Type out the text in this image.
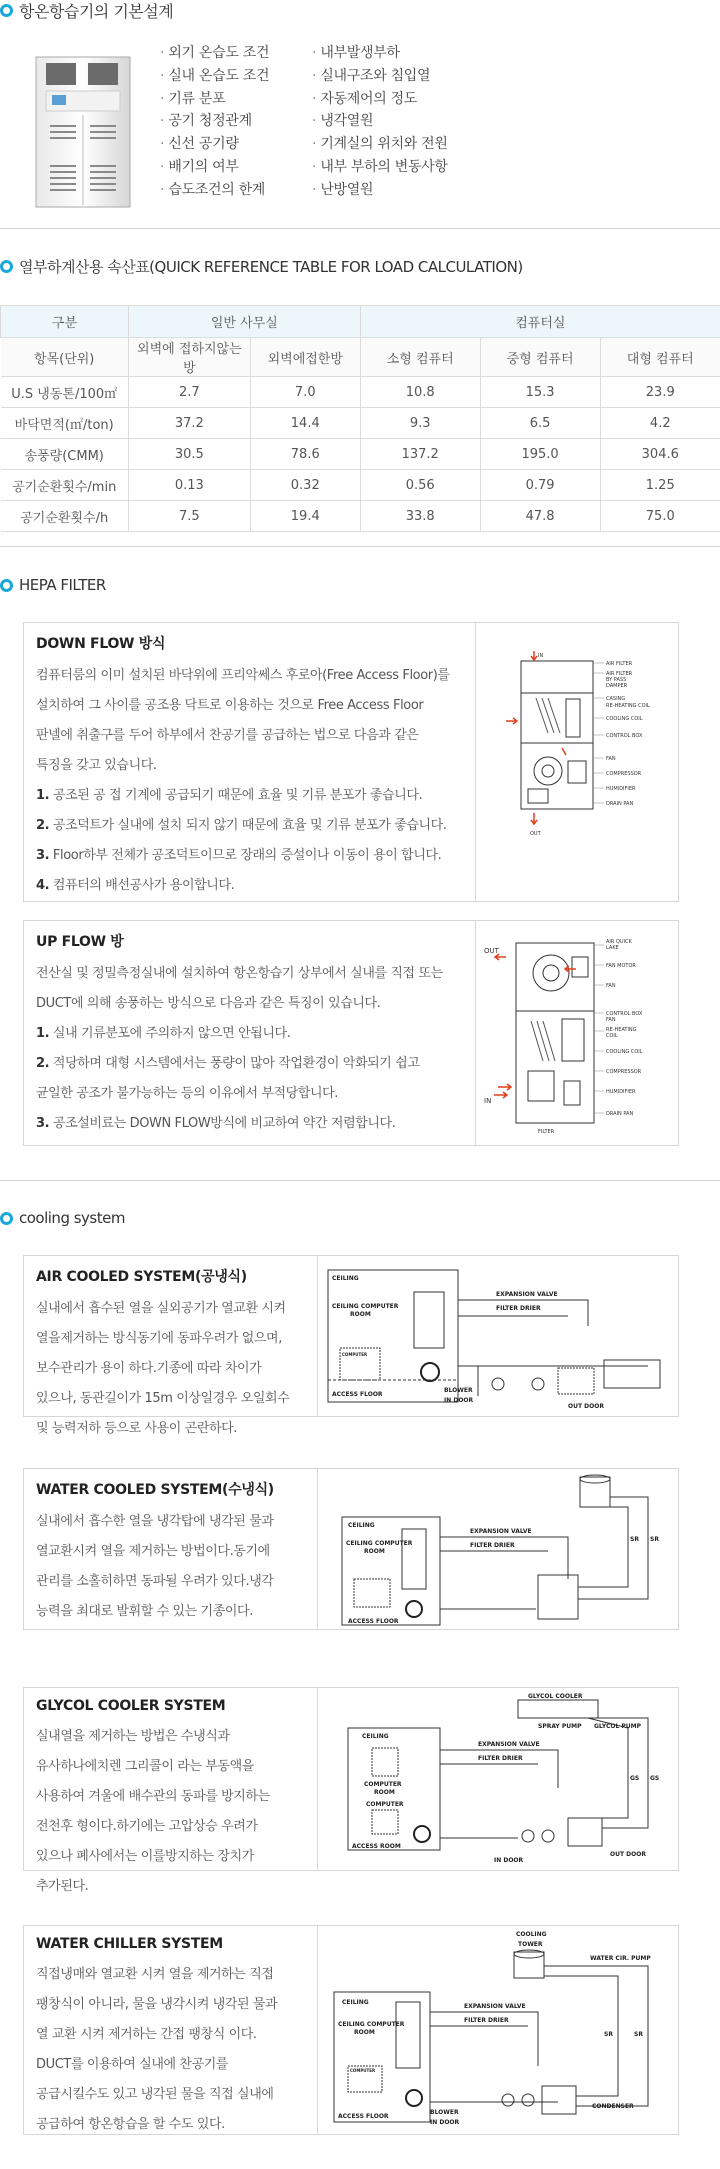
항온항습기의 기본설계
· 외기 온습도 조건
· 실내 온습도 조건
· 기류 분포
· 공기 청정관계
· 신선 공기량
· 배기의 여부
· 습도조건의 한계
· 내부발생부하
· 실내구조와 침입열
· 자동제어의 정도
· 냉각열원
· 기계실의 위치와 전원
· 내부 부하의 변동사항
· 난방열원
열부하계산용 속산표(QUICK REFERENCE TABLE FOR LOAD CALCULATION)
구분	일반 사무실		컴퓨터실		
항목(단위)	외벽에 접하지않는 방	외벽에접한방	소형 컴퓨터	중형 컴퓨터	대형 컴퓨터
U.S 냉동톤/100㎡	2.7	7.0	10.8	15.3	23.9
바닥면적(㎡/ton)	37.2	14.4	9.3	6.5	4.2
송풍량(CMM)	30.5	78.6	137.2	195.0	304.6
공기순환횟수/min	0.13	0.32	0.56	0.79	1.25
공기순환횟수/h	7.5	19.4	33.8	47.8	75.0
HEPA FILTER
DOWN FLOW 방식

컴퓨터룸의 이미 설치된 바닥위에 프리악쎄스 후로아(Free Access Floor)를

설치하여 그 사이를 공조용 닥트로 이용하는 것으로 Free Access Floor

판넬에 취출구를 두어 하부에서 찬공기를 공급하는 법으로 다음과 같은

특징을 갖고 있습니다.

1. 공조된 공 접 기계에 공급되기 때문에 효율 및 기류 분포가 좋습니다.

2. 공조덕트가 실내에 설치 되지 않기 때문에 효율 및 기류 분포가 좋습니다.

3. Floor하부 전체가 공조덕트이므로 장래의 증설이나 이동이 용이 합니다.

4. 컴퓨터의 배선공사가 용이합니다.

IN
OUT
AIR FILTER
AIR FILTER
BY PASS
DAMPER
CASING
RE-HEATING COIL
COOLING COIL
CONTROL BOX
FAN
COMPRESSOR
HUMIDIFIER
DRAIN PAN
UP FLOW 방

전산실 및 정밀측정실내에 설치하여 항온항습기 상부에서 실내를 직접 또는

DUCT에 의해 송풍하는 방식으로 다음과 같은 특징이 있습니다.

1. 실내 기류분포에 주의하지 않으면 안됩니다.

2. 적당하며 대형 시스템에서는 풍량이 많아 작업환경이 악화되기 쉽고

균일한 공조가 불가능하는 등의 이유에서 부적당합니다.

3. 공조설비료는 DOWN FLOW방식에 비교하여 약간 저렴합니다.

OUT
IN
FILTER
AIR QUICK
LAKE
FAN MOTOR
FAN
CONTROL BOX
FAN
RE-HEATING
COIL
COOLING COIL
COMPRESSOR
HUMIDIFIER
DRAIN PAN
cooling system
AIR COOLED SYSTEM(공냉식)

실내에서 흡수된 열을 실외공기가 열교환 시켜

열을제거하는 방식동기에 동파우려가 없으며,

보수관리가 용이 하다.기종에 따라 차이가

있으나, 동관길이가 15m 이상일경우 오일회수

및 능력저하 등으로 사용이 곤란하다.

CEILING
CEILING COMPUTER
ROOM
COMPUTER
ACCESS FLOOR
BLOWER
IN DOOR
EXPANSION VALVE
FILTER DRIER
OUT DOOR
WATER COOLED SYSTEM(수냉식)

실내에서 흡수한 열을 냉각탑에 냉각된 물과

열교환시켜 열을 제거하는 방법이다.동기에

관리를 소홀히하면 동파될 우려가 있다.냉각

능력을 최대로 발휘할 수 있는 기종이다.

CEILING
CEILING COMPUTER
ROOM
ACCESS FLOOR
EXPANSION VALVE
FILTER DRIER
SR SR
GLYCOL COOLER SYSTEM

실내열을 제거하는 방법은 수냉식과

유사하나에치렌 그리콜이 라는 부동액을

사용하여 겨울에 배수관의 동파를 방지하는

전천후 형이다.하기에는 고압상승 우려가

있으나 폐사에서는 이를방지하는 장치가

추가된다.

GLYCOL COOLER
SPRAY PUMP GLYCOL PUMP
CEILING
COMPUTER
ROOM
COMPUTER
ACCESS ROOM
EXPANSION VALVE
FILTER DRIER
IN DOOR
OUT DOOR
GS GS
WATER CHILLER SYSTEM

직접냉매와 열교환 시켜 열을 제거하는 직접

팽창식이 아니라, 물을 냉각시켜 냉각된 물과

열 교환 시켜 제거하는 간접 팽창식 이다.

DUCT를 이용하여 실내에 찬공기를

공급시킬수도 있고 냉각된 물을 직접 실내에

공급하여 항온항습을 할 수도 있다.

COOLING
TOWER
WATER CIR. PUMP
CEILING
CEILING COMPUTER
ROOM
COMPUTER
ACCESS FLOOR
EXPANSION VALVE
FILTER DRIER
BLOWER
IN DOOR
CONDENSER
SR	SR
